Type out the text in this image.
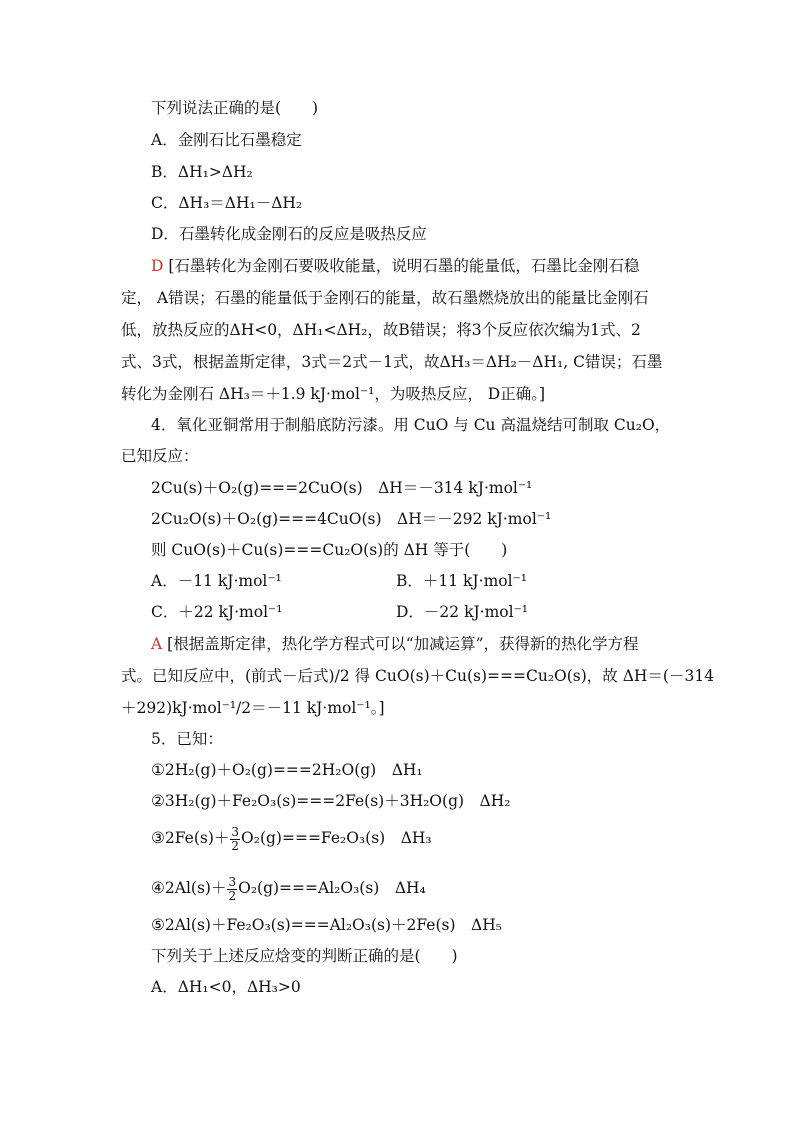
下列说法正确的是(　　)
A．金刚石比石墨稳定
B．ΔH₁>ΔH₂
C．ΔH₃＝ΔH₁－ΔH₂
D．石墨转化成金刚石的反应是吸热反应
D [石墨转化为金刚石要吸收能量，说明石墨的能量低，石墨比金刚石稳
定， A错误；石墨的能量低于金刚石的能量，故石墨燃烧放出的能量比金刚石
低，放热反应的ΔH<0，ΔH₁<ΔH₂，故B错误；将3个反应依次编为1式、2
式、3式，根据盖斯定律，3式＝2式－1式，故ΔH₃＝ΔH₂－ΔH₁, C错误；石墨
转化为金刚石 ΔH₃＝＋1.9 kJ·mol⁻¹，为吸热反应， D正确。]
4．氧化亚铜常用于制船底防污漆。用 CuO 与 Cu 高温烧结可制取 Cu₂O，
已知反应：
2Cu(s)＋O₂(g)===2CuO(s)　ΔH＝－314 kJ·mol⁻¹
2Cu₂O(s)＋O₂(g)===4CuO(s)　ΔH＝－292 kJ·mol⁻¹
则 CuO(s)＋Cu(s)===Cu₂O(s)的 ΔH 等于(　　)
A．－11 kJ·mol⁻¹	B．＋11 kJ·mol⁻¹
C．＋22 kJ·mol⁻¹	D．－22 kJ·mol⁻¹
A [根据盖斯定律，热化学方程式可以“加减运算”，获得新的热化学方程
式。已知反应中，(前式－后式)/2 得 CuO(s)＋Cu(s)===Cu₂O(s)，故 ΔH＝(－314
＋292)kJ·mol⁻¹/2＝－11 kJ·mol⁻¹。]
5．已知：
①2H₂(g)＋O₂(g)===2H₂O(g)　ΔH₁
②3H₂(g)＋Fe₂O₃(s)===2Fe(s)＋3H₂O(g)　ΔH₂
③2Fe(s)＋ $\frac{3}{2} O_2(g)===Fe_2O_3(s)$　ΔH₃
④2Al(s)＋ $\frac{3}{2} O_2(g)===Al_2O_3(s)$　ΔH₄
⑤2Al(s)＋Fe₂O₃(s)===Al₂O₃(s)＋2Fe(s)　ΔH₅
下列关于上述反应焓变的判断正确的是(　　)
A．ΔH₁<0，ΔH₃>0
